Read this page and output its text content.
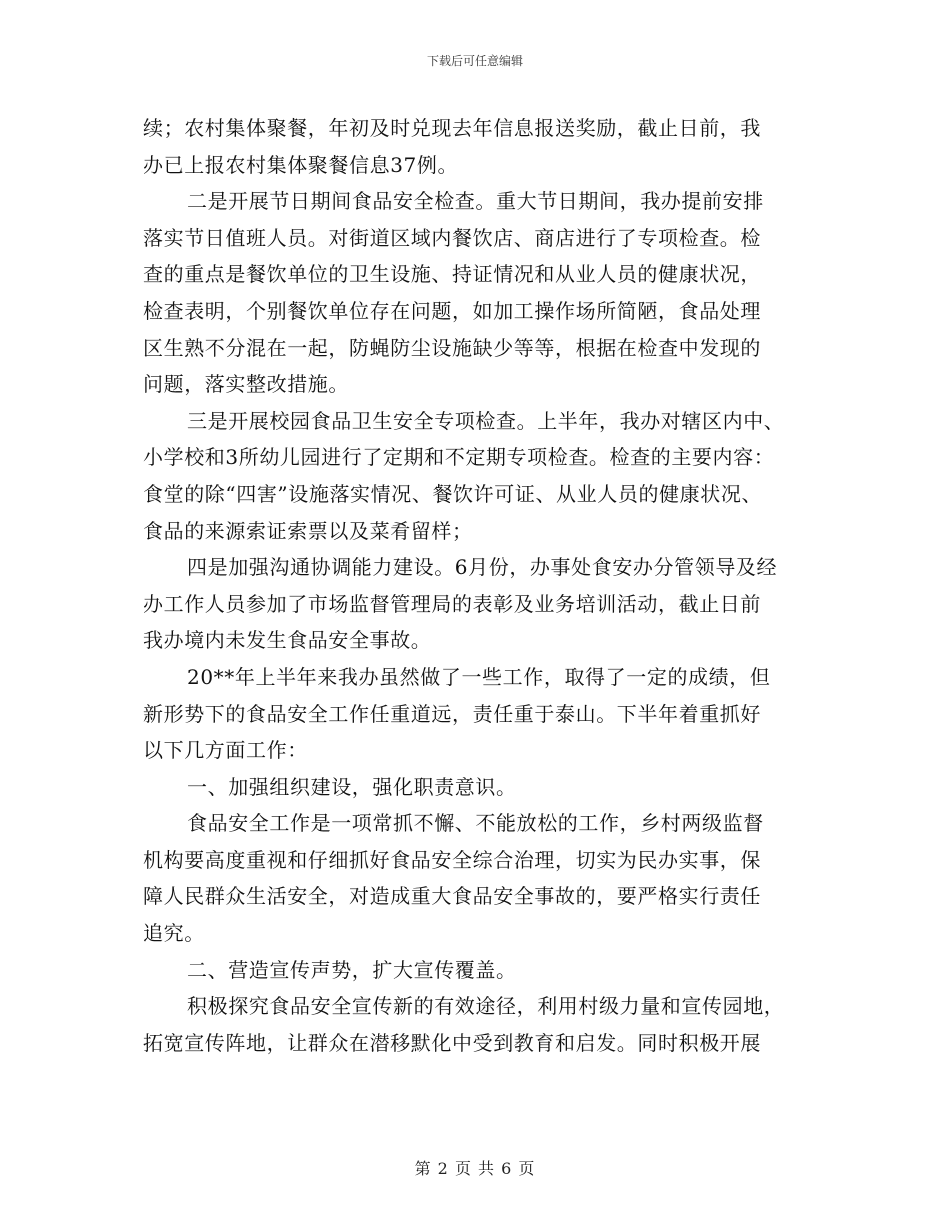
下载后可任意编辑
续；农村集体聚餐，年初及时兑现去年信息报送奖励，截止日前，我
办已上报农村集体聚餐信息37例。
二是开展节日期间食品安全检查。重大节日期间，我办提前安排
落实节日值班人员。对街道区域内餐饮店、商店进行了专项检查。检
查的重点是餐饮单位的卫生设施、持证情况和从业人员的健康状况，
检查表明，个别餐饮单位存在问题，如加工操作场所简陋，食品处理
区生熟不分混在一起，防蝇防尘设施缺少等等，根据在检查中发现的
问题，落实整改措施。
三是开展校园食品卫生安全专项检查。上半年，我办对辖区内中、
小学校和3所幼儿园进行了定期和不定期专项检查。检查的主要内容：
食堂的除“四害”设施落实情况、餐饮许可证、从业人员的健康状况、
食品的来源索证索票以及菜肴留样；
四是加强沟通协调能力建设。6月份，办事处食安办分管领导及经
办工作人员参加了市场监督管理局的表彰及业务培训活动，截止日前
我办境内未发生食品安全事故。
20**年上半年来我办虽然做了一些工作，取得了一定的成绩，但
新形势下的食品安全工作任重道远，责任重于泰山。下半年着重抓好
以下几方面工作：
一、加强组织建设，强化职责意识。
食品安全工作是一项常抓不懈、不能放松的工作，乡村两级监督
机构要高度重视和仔细抓好食品安全综合治理，切实为民办实事，保
障人民群众生活安全，对造成重大食品安全事故的，要严格实行责任
追究。
二、营造宣传声势，扩大宣传覆盖。
积极探究食品安全宣传新的有效途径，利用村级力量和宣传园地，
拓宽宣传阵地，让群众在潜移默化中受到教育和启发。同时积极开展
第 2 页 共 6 页
